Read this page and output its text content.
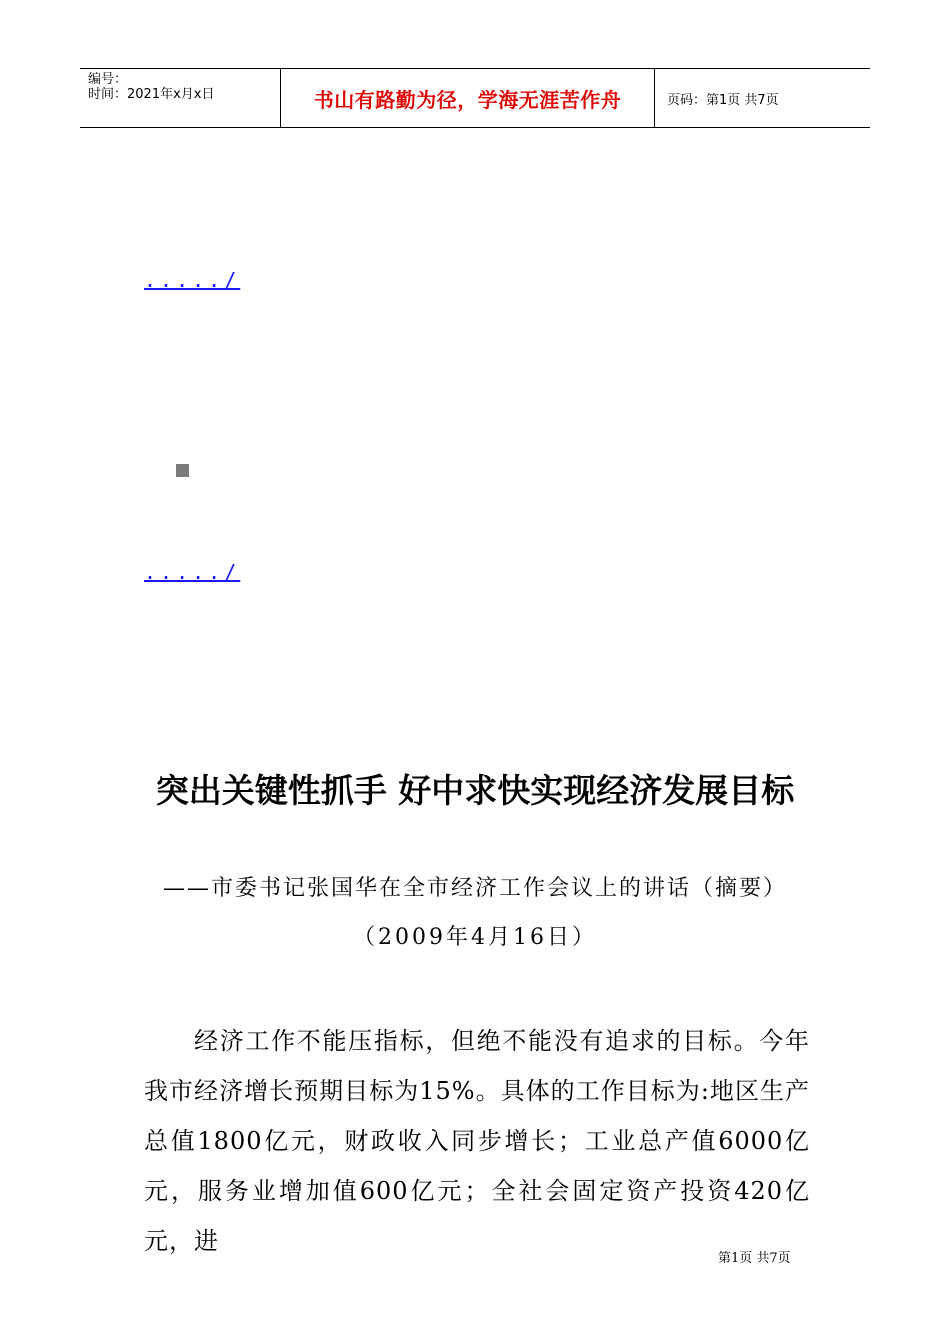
编号：
时间：2021年x月x日	书山有路勤为径，学海无涯苦作舟	页码：第1页 共7页
...../
...../
突出关键性抓手 好中求快实现经济发展目标
——市委书记张国华在全市经济工作会议上的讲话（摘要）
（2009年4月16日）
经济工作不能压指标，但绝不能没有追求的目标。今年我市经济增长预期目标为15%。具体的工作目标为:地区生产总值1800亿元，财政收入同步增长；工业总产值6000亿元，服务业增加值600亿元；全社会固定资产投资420亿元，进
第1页 共7页
